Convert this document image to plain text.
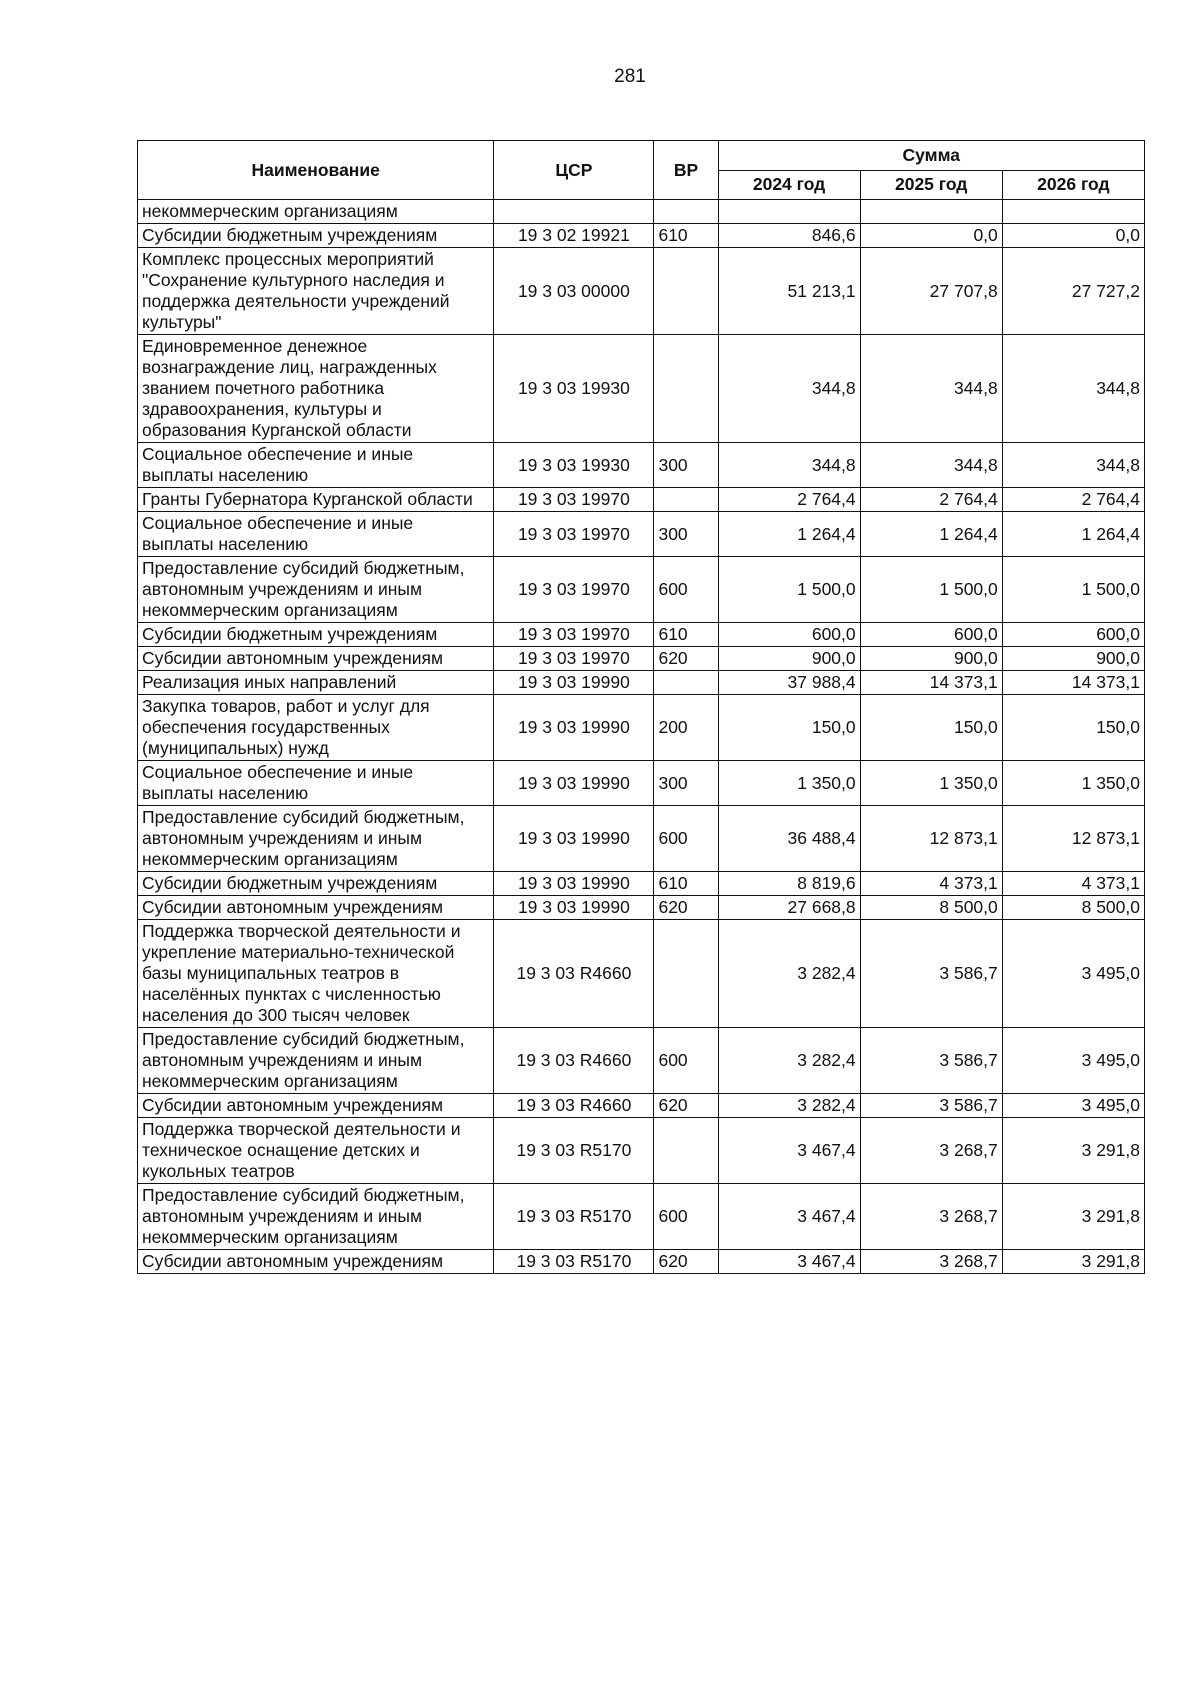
281
Наименование	ЦСР	ВР	Сумма		
			2024 год	2025 год	2026 год
некоммерческим организациям					
Субсидии бюджетным учреждениям	19 3 02 19921	610	846,6	0,0	0,0
Комплекс процессных мероприятий "Сохранение культурного наследия и поддержка деятельности учреждений культуры"	19 3 03 00000		51 213,1	27 707,8	27 727,2
Единовременное денежное вознаграждение лиц, награжденных званием почетного работника здравоохранения, культуры и образования Курганской области	19 3 03 19930		344,8	344,8	344,8
Социальное обеспечение и иные выплаты населению	19 3 03 19930	300	344,8	344,8	344,8
Гранты Губернатора Курганской области	19 3 03 19970		2 764,4	2 764,4	2 764,4
Социальное обеспечение и иные выплаты населению	19 3 03 19970	300	1 264,4	1 264,4	1 264,4
Предоставление субсидий бюджетным, автономным учреждениям и иным некоммерческим организациям	19 3 03 19970	600	1 500,0	1 500,0	1 500,0
Субсидии бюджетным учреждениям	19 3 03 19970	610	600,0	600,0	600,0
Субсидии автономным учреждениям	19 3 03 19970	620	900,0	900,0	900,0
Реализация иных направлений	19 3 03 19990		37 988,4	14 373,1	14 373,1
Закупка товаров, работ и услуг для обеспечения государственных (муниципальных) нужд	19 3 03 19990	200	150,0	150,0	150,0
Социальное обеспечение и иные выплаты населению	19 3 03 19990	300	1 350,0	1 350,0	1 350,0
Предоставление субсидий бюджетным, автономным учреждениям и иным некоммерческим организациям	19 3 03 19990	600	36 488,4	12 873,1	12 873,1
Субсидии бюджетным учреждениям	19 3 03 19990	610	8 819,6	4 373,1	4 373,1
Субсидии автономным учреждениям	19 3 03 19990	620	27 668,8	8 500,0	8 500,0
Поддержка творческой деятельности и укрепление материально-технической базы муниципальных театров в населённых пунктах с численностью населения до 300 тысяч человек	19 3 03 R4660		3 282,4	3 586,7	3 495,0
Предоставление субсидий бюджетным, автономным учреждениям и иным некоммерческим организациям	19 3 03 R4660	600	3 282,4	3 586,7	3 495,0
Субсидии автономным учреждениям	19 3 03 R4660	620	3 282,4	3 586,7	3 495,0
Поддержка творческой деятельности и техническое оснащение детских и кукольных театров	19 3 03 R5170		3 467,4	3 268,7	3 291,8
Предоставление субсидий бюджетным, автономным учреждениям и иным некоммерческим организациям	19 3 03 R5170	600	3 467,4	3 268,7	3 291,8
Субсидии автономным учреждениям	19 3 03 R5170	620	3 467,4	3 268,7	3 291,8
